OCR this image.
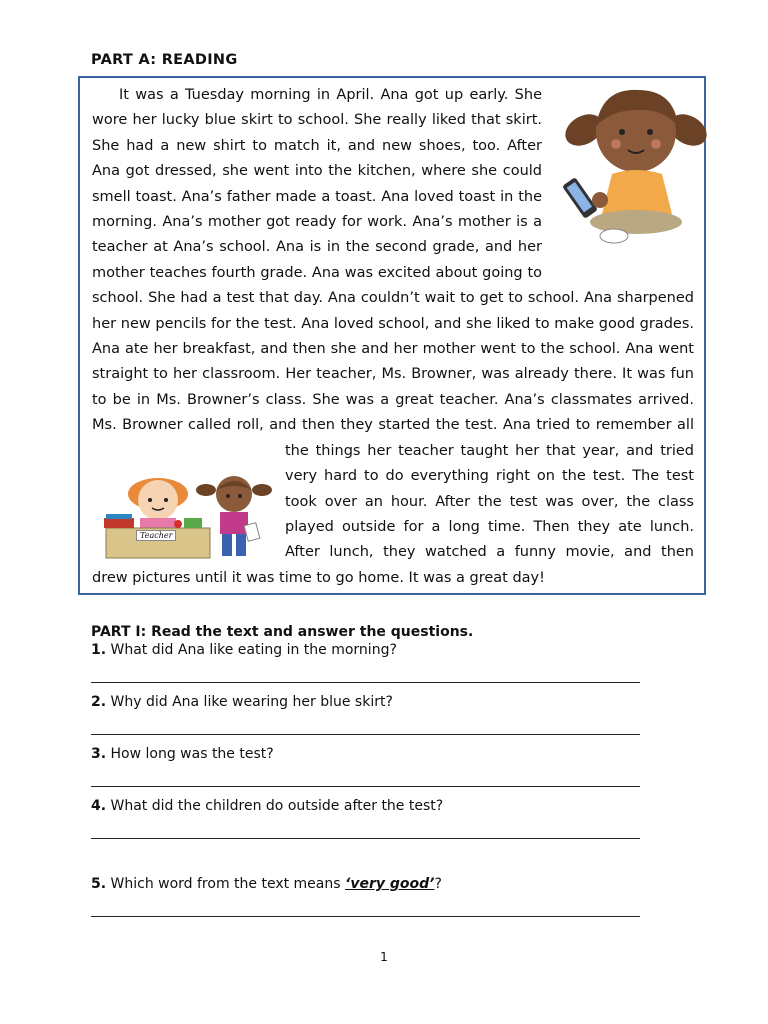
PART A: READING
Teacher

It was a Tuesday morning in April. Ana got up early. She wore her lucky blue skirt to school. She really liked that skirt. She had a new shirt to match it, and new shoes, too. After Ana got dressed, she went into the kitchen, where she could smell toast. Ana’s father made a toast. Ana loved toast in the morning. Ana’s mother got ready for work. Ana’s mother is a teacher at Ana’s school. Ana is in the second grade, and her mother teaches fourth grade. Ana was excited about going to school. She had a test that day. Ana couldn’t wait to get to school. Ana sharpened her new pencils for the test. Ana loved school, and she liked to make good grades. Ana ate her breakfast, and then she and her mother went to the school. Ana went straight to her classroom. Her teacher, Ms. Browner, was already there. It was fun to be in Ms. Browner’s class. She was a great teacher. Ana’s classmates arrived. Ms. Browner called roll, and then they started the test. Ana tried to remember all the things her teacher taught her that year, and tried very hard to do everything right on the test. The test took over an hour. After the test was over, the class played outside for a long time. Then they ate lunch. After lunch, they watched a funny movie, and then drew pictures until it was time to go home. It was a great day!

PART I: Read the text and answer the questions.
1. What did Ana like eating in the morning?
2. Why did Ana like wearing her blue skirt?
3. How long was the test?
4. What did the children do outside after the test?
5. Which word from the text means ‘very good’?
1
